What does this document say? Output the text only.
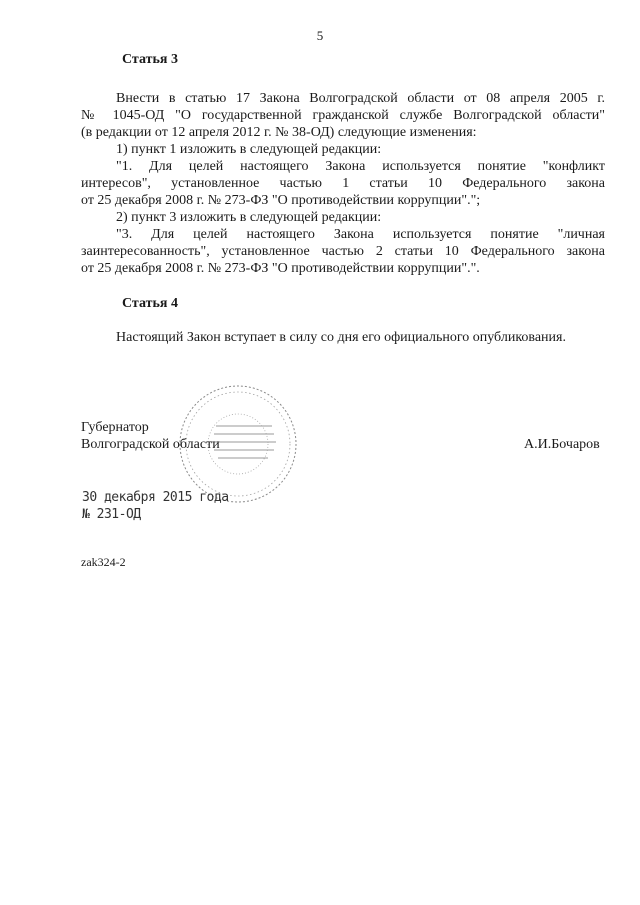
5
Статья 3
Внести в статью 17 Закона Волгоградской области от 08 апреля 2005 г.
№ 1045-ОД "О государственной гражданской службе Волгоградской области"
(в редакции от 12 апреля 2012 г. № 38-ОД) следующие изменения:
1) пункт 1 изложить в следующей редакции:
"1. Для целей настоящего Закона используется понятие "конфликт
интересов", установленное частью 1 статьи 10 Федерального закона
от 25 декабря 2008 г. № 273-ФЗ "О противодействии коррупции".";
2) пункт 3 изложить в следующей редакции:
"3. Для целей настоящего Закона используется понятие "личная
заинтересованность", установленное частью 2 статьи 10 Федерального закона
от 25 декабря 2008 г. № 273-ФЗ "О противодействии коррупции".".
Статья 4
Настоящий Закон вступает в силу со дня его официального опубликования.
Губернатор
Волгоградской области	А.И.Бочаров
30 декабря 2015 года
№ 231-ОД
zak324-2
